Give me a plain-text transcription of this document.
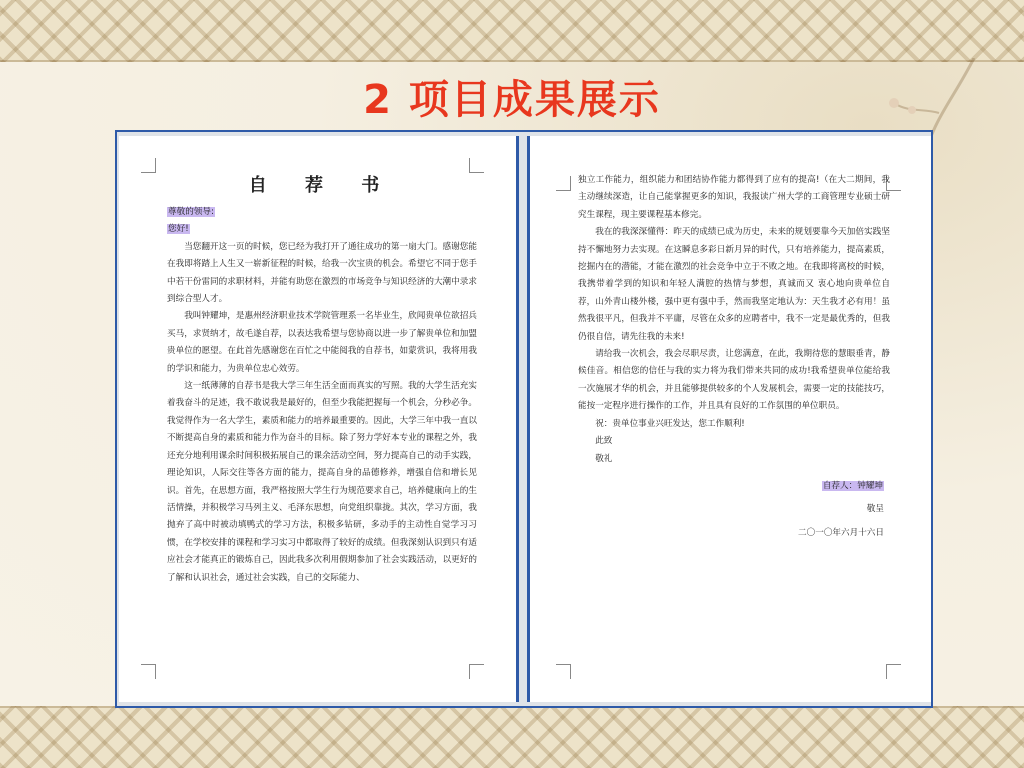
2 项目成果展示
自 荐 书
尊敬的领导:
您好!

当您翻开这一页的时候，您已经为我打开了通往成功的第一扇大门。感谢您能在我即将踏上人生又一崭新征程的时候，给我一次宝贵的机会。希望它不同于您手中若干份雷同的求职材料，并能有助您在激烈的市场竞争与知识经济的大潮中录求到综合型人才。

我叫钟耀坤，是惠州经济职业技术学院管理系一名毕业生，欣闻贵单位欲招兵买马，求贤纳才，故毛遂自荐，以表达我希望与您协商以进一步了解贵单位和加盟贵单位的愿望。在此首先感谢您在百忙之中能阅我的自荐书，如蒙赏识，我将用我的学识和能力，为贵单位忠心效劳。

这一纸薄薄的自荐书是我大学三年生活全面而真实的写照。我的大学生活充实着我奋斗的足迹，我不敢说我是最好的，但至少我能把握每一个机会，分秒必争。我觉得作为一名大学生，素质和能力的培养最重要的。因此，大学三年中我一直以不断提高自身的素质和能力作为奋斗的目标。除了努力学好本专业的课程之外，我还充分地利用课余时间积极拓展自己的课余活动空间，努力提高自己的动手实践，理论知识，人际交往等各方面的能力，提高自身的品德修养，增强自信和增长见识。首先，在思想方面，我严格按照大学生行为规范要求自己，培养健康向上的生活情操，并积极学习马列主义、毛泽东思想，向党组织靠拢。其次，学习方面，我抛弃了高中时被动填鸭式的学习方法，积极多钻研，多动手的主动性自觉学习习惯，在学校安排的课程和学习实习中都取得了较好的成绩。但我深刻认识到只有适应社会才能真正的锻炼自己，因此我多次利用假期参加了社会实践活动，以更好的了解和认识社会，通过社会实践，自己的交际能力、

独立工作能力，组织能力和团结协作能力都得到了应有的提高!（在大二期间，我主动继续深造，让自己能掌握更多的知识，我报读广州大学的工商管理专业硕士研究生课程，现主要课程基本修完。

我在的我深深懂得：昨天的成绩已成为历史，未来的规划要靠今天加倍实践坚持不懈地努力去实现。在这瞬息多彩日新月异的时代，只有培养能力，提高素质，挖掘内在的潜能，才能在激烈的社会竞争中立于不败之地。在我即将离校的时候，我携带着学到的知识和年轻人满腔的热情与梦想，真诚而又 衷心地向贵单位自荐，山外青山楼外楼，强中更有强中手，然而我坚定地认为：天生我才必有用！虽然我很平凡，但我并不平庸，尽管在众多的应聘者中，我不一定是最优秀的，但我仍很自信，请先往我的未来!

请给我一次机会，我会尽职尽责，让您满意，在此，我期待您的慧眼垂青，静候佳音。相信您的信任与我的实力将为我们带来共同的成功!我希望贵单位能给我一次施展才华的机会，并且能够提供较多的个人发展机会，需要一定的技能技巧，能按一定程序进行操作的工作，并且具有良好的工作氛围的单位职员。

祝：贵单位事业兴旺发达，您工作顺利!

此致

敬礼

自荐人：钟耀坤
敬呈
二〇一〇年六月十六日
